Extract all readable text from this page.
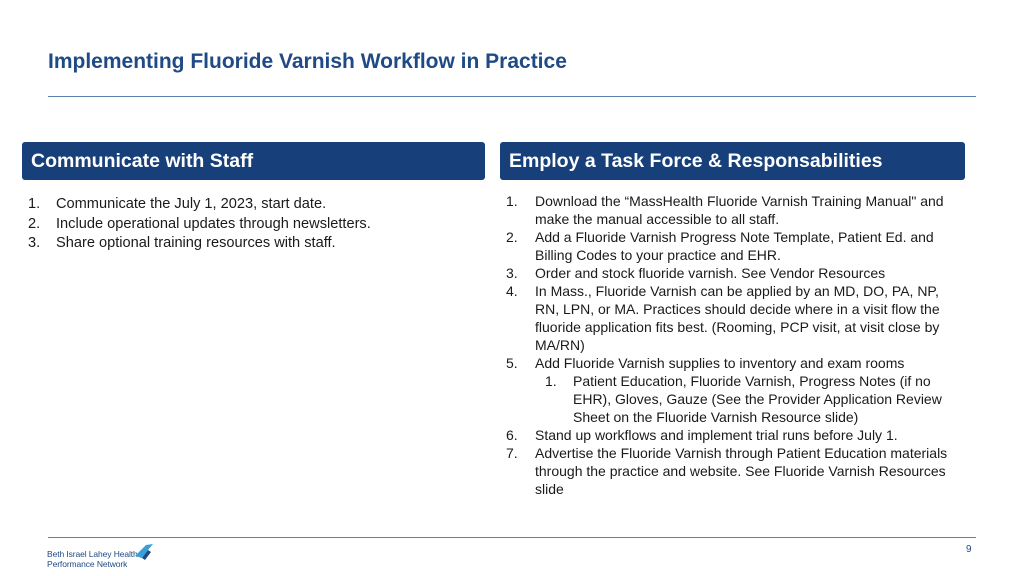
Implementing Fluoride Varnish Workflow in Practice
Communicate with Staff	Employ a Task Force & Responsabilities
1. Communicate the July 1, 2023, start date.
2. Include operational updates through newsletters.
3. Share optional training resources with staff.
1. Download the “MassHealth Fluoride Varnish Training Manual" and make the manual accessible to all staff.
2. Add a Fluoride Varnish Progress Note Template, Patient Ed. and Billing Codes to your practice and EHR.
3. Order and stock fluoride varnish. See Vendor Resources
4. In Mass., Fluoride Varnish can be applied by an MD, DO, PA, NP, RN, LPN, or MA. Practices should decide where in a visit flow the fluoride application fits best. (Rooming, PCP visit, at visit close by MA/RN)
5. Add Fluoride Varnish supplies to inventory and exam rooms
1. Patient Education, Fluoride Varnish, Progress Notes (if no EHR), Gloves, Gauze (See the Provider Application Review Sheet on the Fluoride Varnish Resource slide)
6. Stand up workflows and implement trial runs before July 1.
7. Advertise the Fluoride Varnish through Patient Education materials through the practice and website. See Fluoride Varnish Resources slide
Beth Israel Lahey Health
Performance Network
9
